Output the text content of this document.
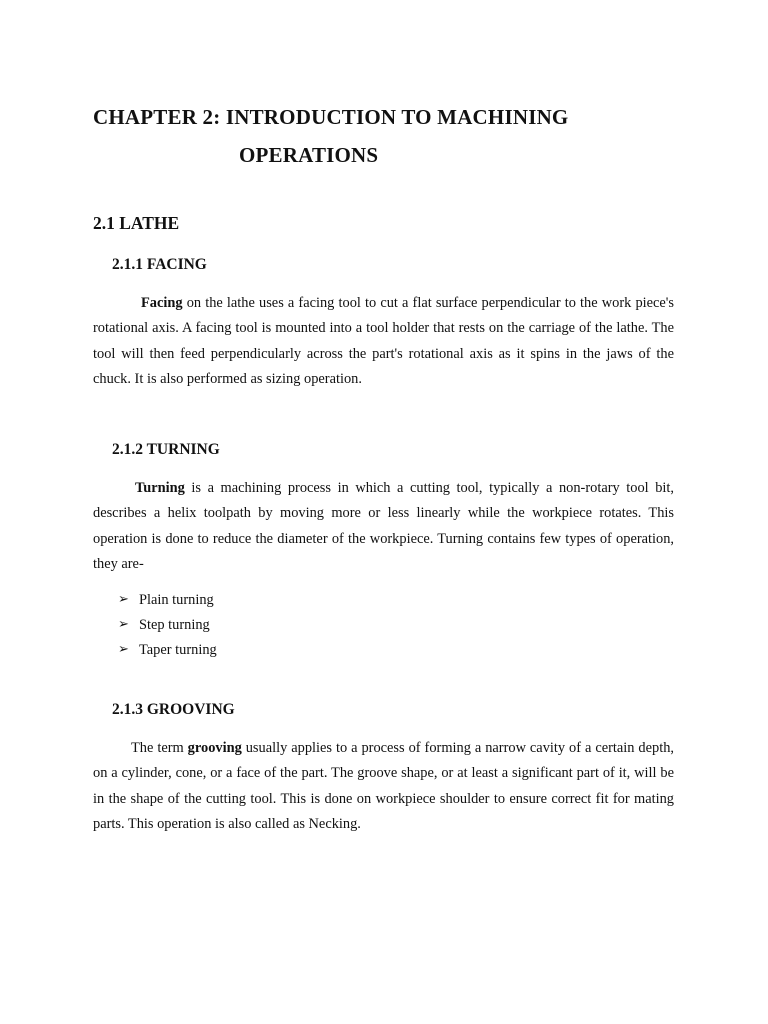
CHAPTER 2: INTRODUCTION TO MACHINING
OPERATIONS
2.1 LATHE
2.1.1 FACING

Facing on the lathe uses a facing tool to cut a flat surface perpendicular to the work piece's rotational axis. A facing tool is mounted into a tool holder that rests on the carriage of the lathe. The tool will then feed perpendicularly across the part's rotational axis as it spins in the jaws of the chuck. It is also performed as sizing operation.

2.1.2 TURNING

Turning is a machining process in which a cutting tool, typically a non-rotary tool bit, describes a helix toolpath by moving more or less linearly while the workpiece rotates. This operation is done to reduce the diameter of the workpiece. Turning contains few types of operation, they are-

➢ Plain turning
➢ Step turning
➢ Taper turning
2.1.3 GROOVING

The term grooving usually applies to a process of forming a narrow cavity of a certain depth, on a cylinder, cone, or a face of the part. The groove shape, or at least a significant part of it, will be in the shape of the cutting tool. This is done on workpiece shoulder to ensure correct fit for mating parts. This operation is also called as Necking.
